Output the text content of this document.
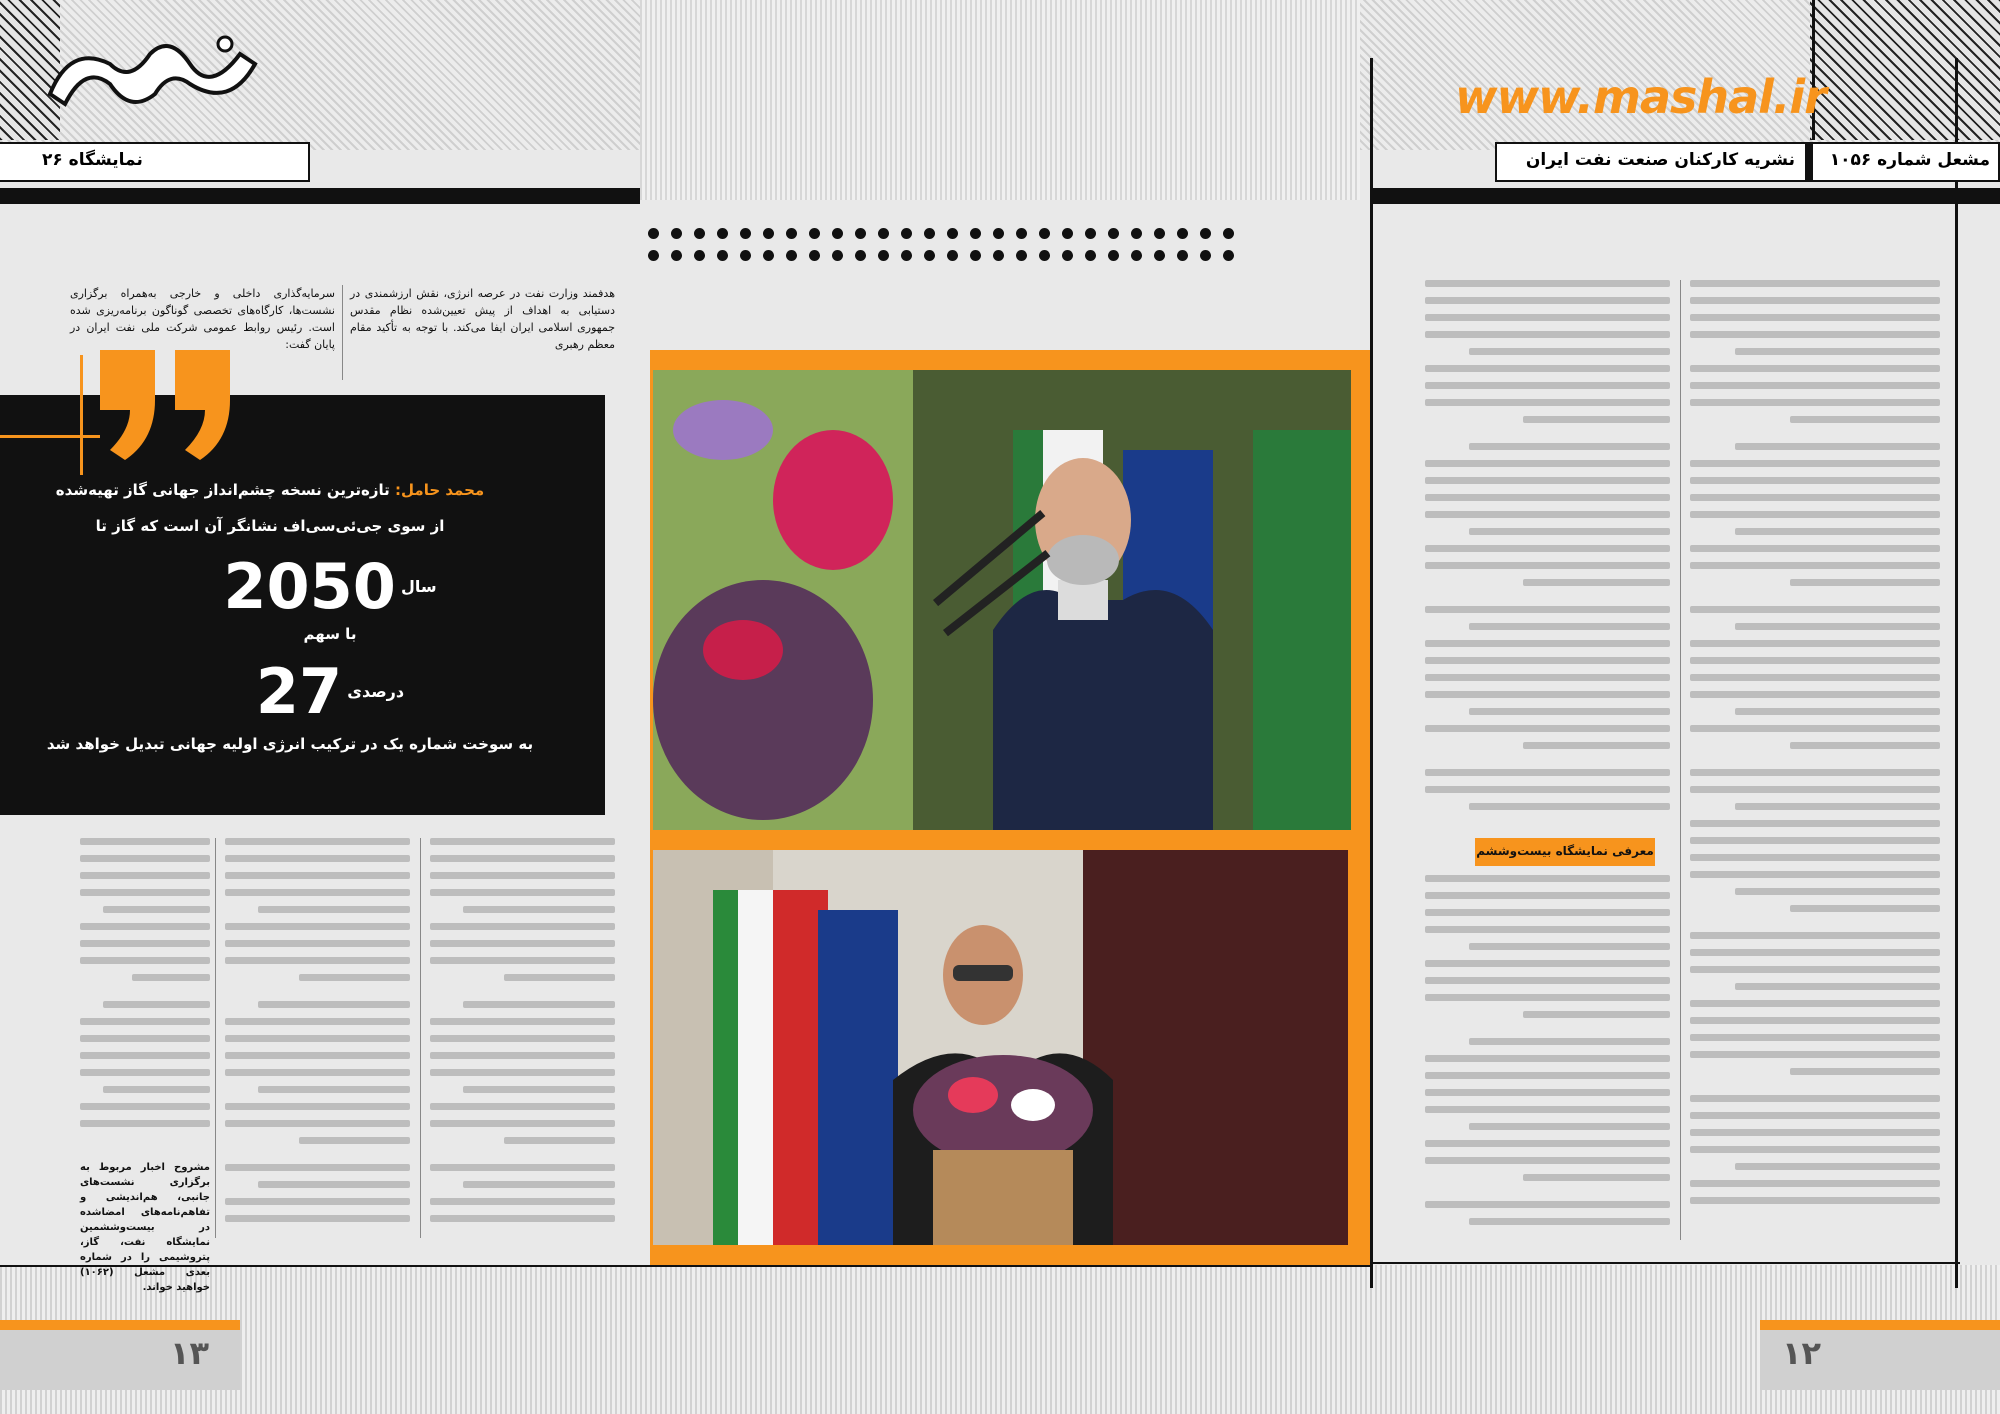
نمایشگاه ۲۶
www.mashal.ir
مشعل شماره ۱۰۵۶
نشریه کارکنان صنعت نفت ایران
محمد حامل: تازه‌ترین نسخه چشم‌انداز جهانی گاز تهیه‌شده
از سوی جی‌ئی‌سی‌اف نشانگر آن است که گاز تا
سال 2050
با سهم
درصدی 27
به سوخت شماره یک در ترکیب انرژی اولیه جهانی تبدیل خواهد شد
هدفمند وزارت نفت در عرصه انرژی، نقش ارزشمندی در دستیابی به اهداف از پیش تعیین‌شده نظام مقدس جمهوری اسلامی ایران ایفا می‌کند. با توجه به تأکید مقام معظم رهبری
سرمایه‌گذاری داخلی و خارجی به‌همراه برگزاری نشست‌ها، کارگاه‌های تخصصی گوناگون برنامه‌ریزی شده است. رئیس روابط عمومی شرکت ملی نفت ایران در پایان گفت:
مشروح اخبار مربوط به برگزاری نشست‌های جانبی، هم‌اندیشی و تفاهم‌نامه‌های امضاشده در بیست‌وششمین نمایشگاه نفت، گاز، پتروشیمی را در شماره بعدی مشعل (۱۰۶۲) خواهید خواند.
معرفی نمایشگاه بیست‌وششم
۱۳	۱۲
